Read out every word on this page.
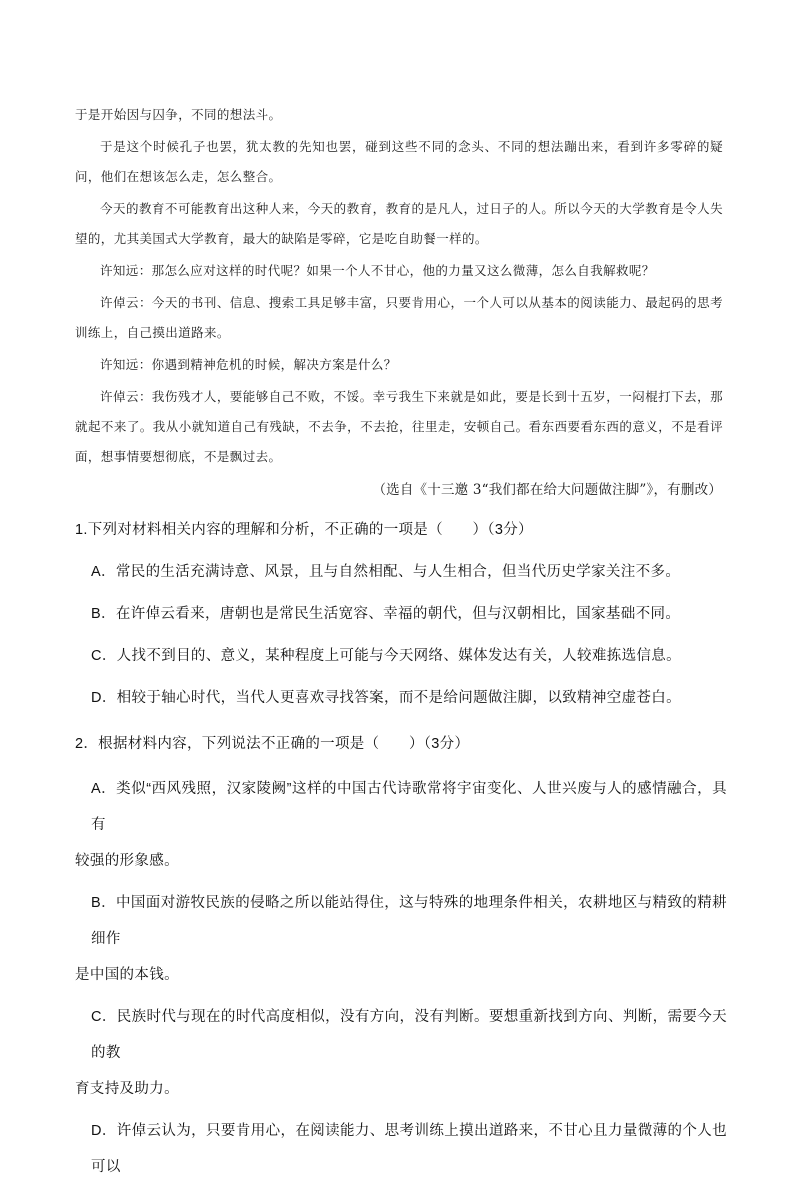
于是开始因与囚争，不同的想法斗。

于是这个时候孔子也罢，犹太教的先知也罢，碰到这些不同的念头、不同的想法蹦出来，看到许多零碎的疑问，他们在想该怎么走，怎么整合。

今天的教育不可能教育出这种人来，今天的教育，教育的是凡人，过日子的人。所以今天的大学教育是令人失望的，尤其美国式大学教育，最大的缺陷是零碎，它是吃自助餐一样的。

许知远：那怎么应对这样的时代呢？如果一个人不甘心，他的力量又这么微薄，怎么自我解救呢？

许倬云：今天的书刊、信息、搜索工具足够丰富，只要肯用心，一个人可以从基本的阅读能力、最起码的思考训练上，自己摸出道路来。

许知远：你遇到精神危机的时候，解决方案是什么？

许倬云：我伤残才人，要能够自己不败，不馁。幸亏我生下来就是如此，要是长到十五岁，一闷棍打下去，那就起不来了。我从小就知道自己有残缺，不去争，不去抢，往里走，安顿自己。看东西要看东西的意义，不是看评面，想事情要想彻底，不是飘过去。

（选自《十三邀 3“我们都在给大问题做注脚”》，有删改）

1.下列对材料相关内容的理解和分析，不正确的一项是（　　）（3分）

A．常民的生活充满诗意、风景，且与自然相配、与人生相合，但当代历史学家关注不多。

B．在许倬云看来，唐朝也是常民生活宽容、幸福的朝代，但与汉朝相比，国家基础不同。

C．人找不到目的、意义，某种程度上可能与今天网络、媒体发达有关，人较难拣选信息。

D．相较于轴心时代，当代人更喜欢寻找答案，而不是给问题做注脚，以致精神空虚苍白。

2．根据材料内容，下列说法不正确的一项是（　　）（3分）

A．类似“西风残照，汉家陵阙”这样的中国古代诗歌常将宇宙变化、人世兴废与人的感情融合，具有
较强的形象感。
B．中国面对游牧民族的侵略之所以能站得住，这与特殊的地理条件相关，农耕地区与精致的精耕细作
是中国的本钱。
C．民族时代与现在的时代高度相似，没有方向，没有判断。要想重新找到方向、判断，需要今天的教
育支持及助力。
D．许倬云认为，只要肯用心，在阅读能力、思考训练上摸出道路来，不甘心且力量微薄的个人也可以
